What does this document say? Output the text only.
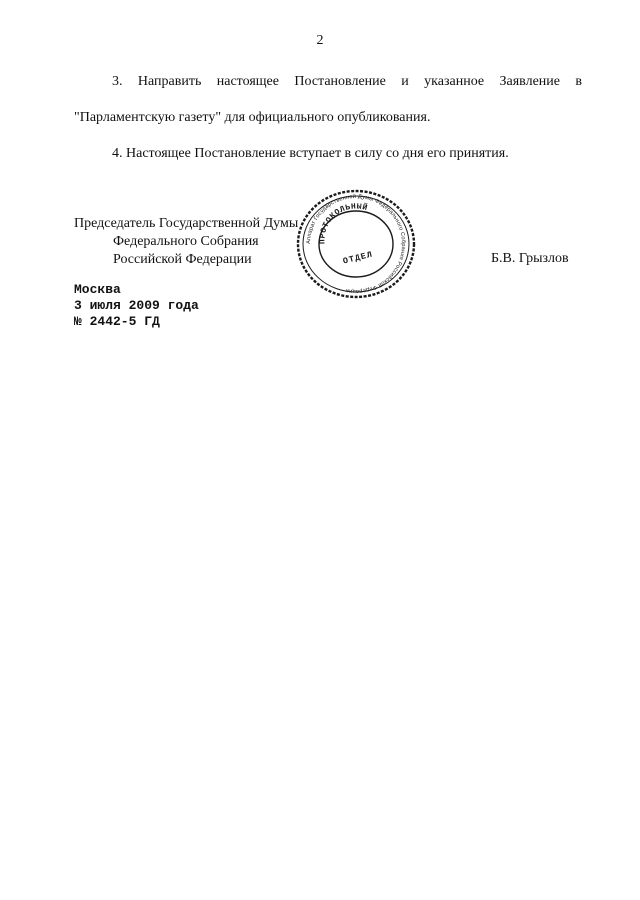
2
3. Направить настоящее Постановление и указанное Заявление в
"Парламентскую газету" для официального опубликования.
4. Настоящее Постановление вступает в силу со дня его принятия.
Председатель Государственной Думы
Федерального Собрания
Российской Федерации	Б.В. Грызлов
Аппарат Государственной Думы Федерального Собрания Российской Федерации
ПРОТОКОЛЬНЫЙ
ОТДЕЛ
Москва
3 июля 2009 года
№ 2442-5 ГД
